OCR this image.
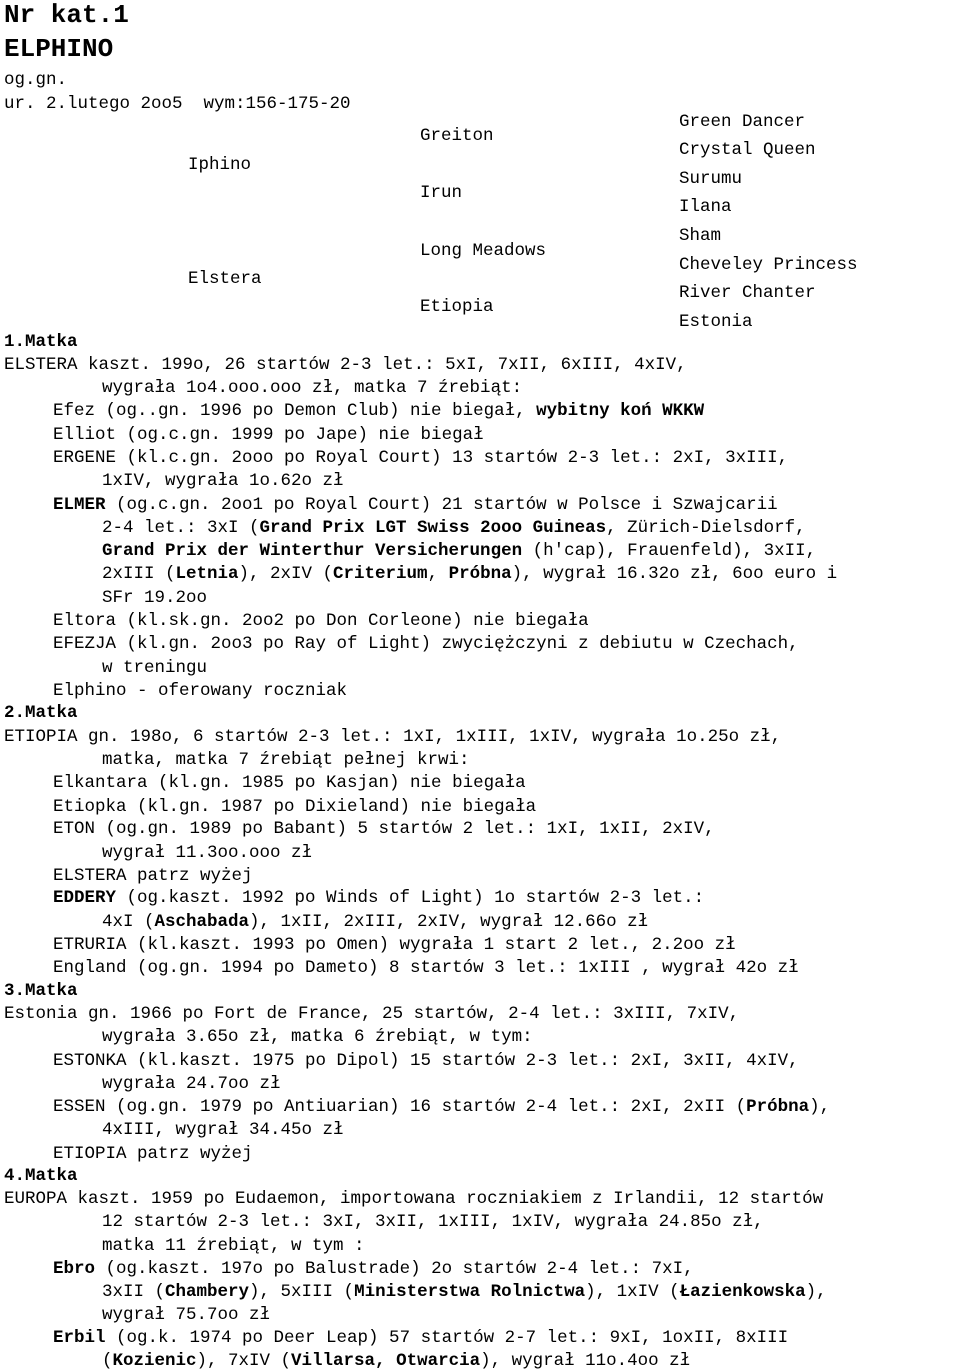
Nr kat.1
ELPHINO
og.gn.
ur. 2.lutego 2oo5  wym:156-175-20
Iphino
Elstera
Greiton
Irun
Long Meadows
Etiopia
Green Dancer
Crystal Queen
Surumu
Ilana
Sham
Cheveley Princess
River Chanter
Estonia
1.Matka
ELSTERA kaszt. 199o, 26 startów 2-3 let.: 5xI, 7xII, 6xIII, 4xIV,
wygrała 1o4.ooo.ooo zł, matka 7 źrebiąt:
Efez (og..gn. 1996 po Demon Club) nie biegał, wybitny koń WKKW
Elliot (og.c.gn. 1999 po Jape) nie biegał
ERGENE (kl.c.gn. 2ooo po Royal Court) 13 startów 2-3 let.: 2xI, 3xIII,
1xIV, wygrała 1o.62o zł
ELMER (og.c.gn. 2oo1 po Royal Court) 21 startów w Polsce i Szwajcarii
2-4 let.: 3xI (Grand Prix LGT Swiss 2ooo Guineas, Zürich-Dielsdorf,
Grand Prix der Winterthur Versicherungen (h'cap), Frauenfeld), 3xII,
2xIII (Letnia), 2xIV (Criterium, Próbna), wygrał 16.32o zł, 6oo euro i
SFr 19.2oo
Eltora (kl.sk.gn. 2oo2 po Don Corleone) nie biegała
EFEZJA (kl.gn. 2oo3 po Ray of Light) zwyciężczyni z debiutu w Czechach,
w treningu
Elphino - oferowany roczniak
2.Matka
ETIOPIA gn. 198o, 6 startów 2-3 let.: 1xI, 1xIII, 1xIV, wygrała 1o.25o zł,
matka, matka 7 źrebiąt pełnej krwi:
Elkantara (kl.gn. 1985 po Kasjan) nie biegała
Etiopka (kl.gn. 1987 po Dixieland) nie biegała
ETON (og.gn. 1989 po Babant) 5 startów 2 let.: 1xI, 1xII, 2xIV,
wygrał 11.3oo.ooo zł
ELSTERA patrz wyżej
EDDERY (og.kaszt. 1992 po Winds of Light) 1o startów 2-3 let.:
4xI (Aschabada), 1xII, 2xIII, 2xIV, wygrał 12.66o zł
ETRURIA (kl.kaszt. 1993 po Omen) wygrała 1 start 2 let., 2.2oo zł
England (og.gn. 1994 po Dameto) 8 startów 3 let.: 1xIII , wygrał 42o zł
3.Matka
Estonia gn. 1966 po Fort de France, 25 startów, 2-4 let.: 3xIII, 7xIV,
wygrała 3.65o zł, matka 6 źrebiąt, w tym:
ESTONKA (kl.kaszt. 1975 po Dipol) 15 startów 2-3 let.: 2xI, 3xII, 4xIV,
wygrała 24.7oo zł
ESSEN (og.gn. 1979 po Antiuarian) 16 startów 2-4 let.: 2xI, 2xII (Próbna),
4xIII, wygrał 34.45o zł
ETIOPIA patrz wyżej
4.Matka
EUROPA kaszt. 1959 po Eudaemon, importowana roczniakiem z Irlandii, 12 startów
12 startów 2-3 let.: 3xI, 3xII, 1xIII, 1xIV, wygrała 24.85o zł,
matka 11 źrebiąt, w tym :
Ebro (og.kaszt. 197o po Balustrade) 2o startów 2-4 let.: 7xI,
3xII (Chambery), 5xIII (Ministerstwa Rolnictwa), 1xIV (Łazienkowska),
wygrał 75.7oo zł
Erbil (og.k. 1974 po Deer Leap) 57 startów 2-7 let.: 9xI, 1oxII, 8xIII
(Kozienic), 7xIV (Villarsa, Otwarcia), wygrał 11o.4oo zł
